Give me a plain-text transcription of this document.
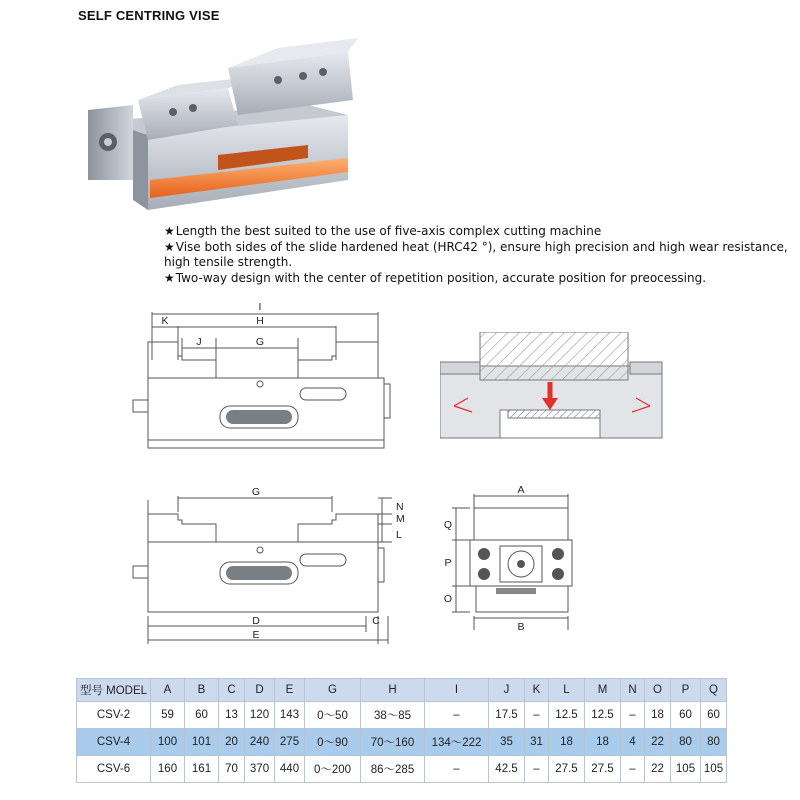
SELF CENTRING VISE
★Length the best suited to the use of five-axis complex cutting machine
★Vise both sides of the slide hardened heat (HRC42 °), ensure high precision and high wear resistance,
high tensile strength.
★Two-way design with the center of repetition position, accurate position for preocessing.
I
H
K
J	G
G
N
M
L
D	C
E
A
Q
P
O
B
型号 MODEL	A	B	C	D	E	G	H	I	J	K	L	M	N	O	P	Q
CSV-2	59	60	13	120	143	0～50	38～85	–	17.5	–	12.5	12.5	–	18	60	60
CSV-4	100	101	20	240	275	0～90	70～160	134～222	35	31	18	18	4	22	80	80
CSV-6	160	161	70	370	440	0～200	86～285	–	42.5	–	27.5	27.5	–	22	105	105
